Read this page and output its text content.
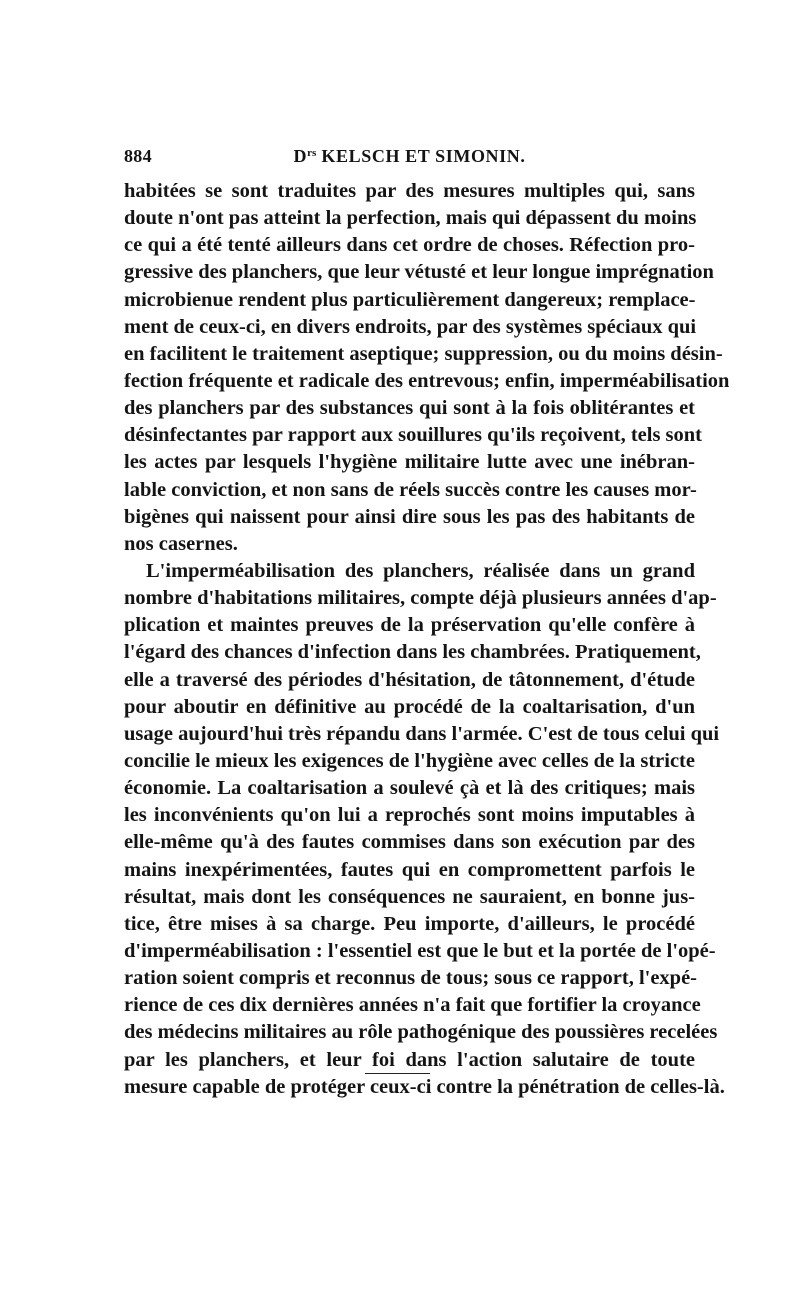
884	$D^{rs}$ KELSCH ET SIMONIN.
habitées se sont traduites par des mesures multiples qui, sans
doute n'ont pas atteint la perfection, mais qui dépassent du moins
ce qui a été tenté ailleurs dans cet ordre de choses. Réfection pro-
gressive des planchers, que leur vétusté et leur longue imprégnation
microbienue rendent plus particulièrement dangereux; remplace-
ment de ceux-ci, en divers endroits, par des systèmes spéciaux qui
en facilitent le traitement aseptique; suppression, ou du moins désin-
fection fréquente et radicale des entrevous; enfin, imperméabilisation
des planchers par des substances qui sont à la fois oblitérantes et
désinfectantes par rapport aux souillures qu'ils reçoivent, tels sont
les actes par lesquels l'hygiène militaire lutte avec une inébran-
lable conviction, et non sans de réels succès contre les causes mor-
bigènes qui naissent pour ainsi dire sous les pas des habitants de
nos casernes.
L'imperméabilisation des planchers, réalisée dans un grand
nombre d'habitations militaires, compte déjà plusieurs années d'ap-
plication et maintes preuves de la préservation qu'elle confère à
l'égard des chances d'infection dans les chambrées. Pratiquement,
elle a traversé des périodes d'hésitation, de tâtonnement, d'étude
pour aboutir en définitive au procédé de la coaltarisation, d'un
usage aujourd'hui très répandu dans l'armée. C'est de tous celui qui
concilie le mieux les exigences de l'hygiène avec celles de la stricte
économie. La coaltarisation a soulevé çà et là des critiques; mais
les inconvénients qu'on lui a reprochés sont moins imputables à
elle-même qu'à des fautes commises dans son exécution par des
mains inexpérimentées, fautes qui en compromettent parfois le
résultat, mais dont les conséquences ne sauraient, en bonne jus-
tice, être mises à sa charge. Peu importe, d'ailleurs, le procédé
d'imperméabilisation : l'essentiel est que le but et la portée de l'opé-
ration soient compris et reconnus de tous; sous ce rapport, l'expé-
rience de ces dix dernières années n'a fait que fortifier la croyance
des médecins militaires au rôle pathogénique des poussières recelées
par les planchers, et leur foi dans l'action salutaire de toute
mesure capable de protéger ceux-ci contre la pénétration de celles-là.
